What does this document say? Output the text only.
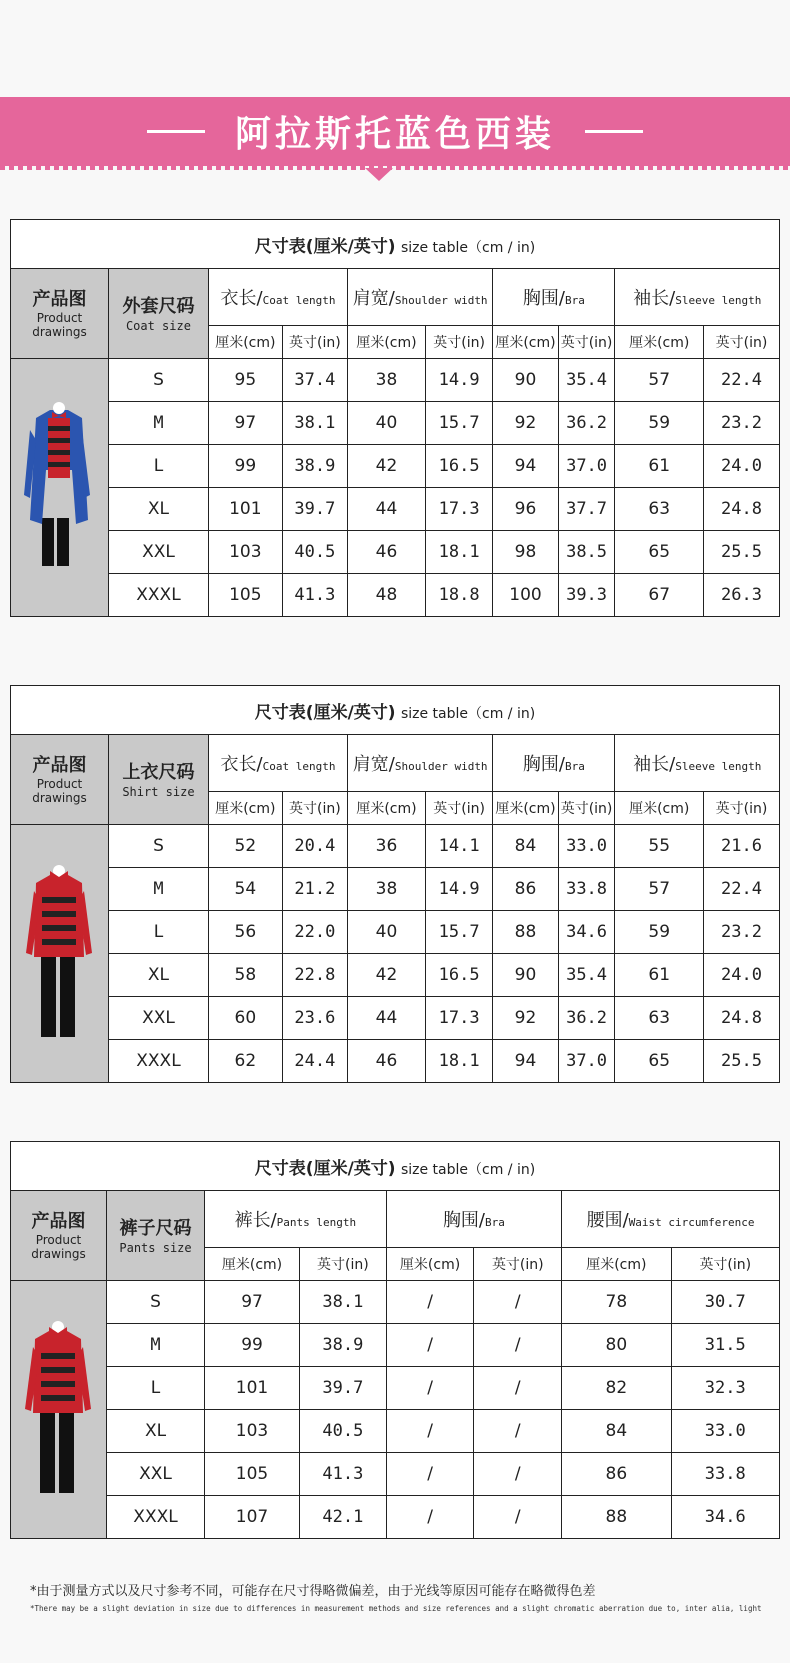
阿拉斯托蓝色西装
尺寸表(厘米/英寸) size table（cm / in)									
产品图
Product
drawings	外套尺码
Coat size	衣长/Coat length		肩宽/Shoulder width		胸围/Bra		袖长/Sleeve length	
		厘米(cm)	英寸(in)	厘米(cm)	英寸(in)	厘米(cm)	英寸(in)	厘米(cm)	英寸(in)
	S	95	37.4	38	14.9	90	35.4	57	22.4
	M	97	38.1	40	15.7	92	36.2	59	23.2
	L	99	38.9	42	16.5	94	37.0	61	24.0
	XL	101	39.7	44	17.3	96	37.7	63	24.8
	XXL	103	40.5	46	18.1	98	38.5	65	25.5
	XXXL	105	41.3	48	18.8	100	39.3	67	26.3
尺寸表(厘米/英寸) size table（cm / in)									
产品图
Product
drawings	上衣尺码
Shirt size	衣长/Coat length		肩宽/Shoulder width		胸围/Bra		袖长/Sleeve length	
		厘米(cm)	英寸(in)	厘米(cm)	英寸(in)	厘米(cm)	英寸(in)	厘米(cm)	英寸(in)
	S	52	20.4	36	14.1	84	33.0	55	21.6
	M	54	21.2	38	14.9	86	33.8	57	22.4
	L	56	22.0	40	15.7	88	34.6	59	23.2
	XL	58	22.8	42	16.5	90	35.4	61	24.0
	XXL	60	23.6	44	17.3	92	36.2	63	24.8
	XXXL	62	24.4	46	18.1	94	37.0	65	25.5
尺寸表(厘米/英寸) size table（cm / in)							
产品图
Product
drawings	裤子尺码
Pants size	裤长/Pants length		胸围/Bra		腰围/Waist circumference	
		厘米(cm)	英寸(in)	厘米(cm)	英寸(in)	厘米(cm)	英寸(in)
	S	97	38.1	/	/	78	30.7
	M	99	38.9	/	/	80	31.5
	L	101	39.7	/	/	82	32.3
	XL	103	40.5	/	/	84	33.0
	XXL	105	41.3	/	/	86	33.8
	XXXL	107	42.1	/	/	88	34.6
*由于测量方式以及尺寸参考不同，可能存在尺寸得略微偏差，由于光线等原因可能存在略微得色差
*There may be a slight deviation in size due to differences in measurement methods and size references and a slight chromatic aberration due to, inter alia, light
